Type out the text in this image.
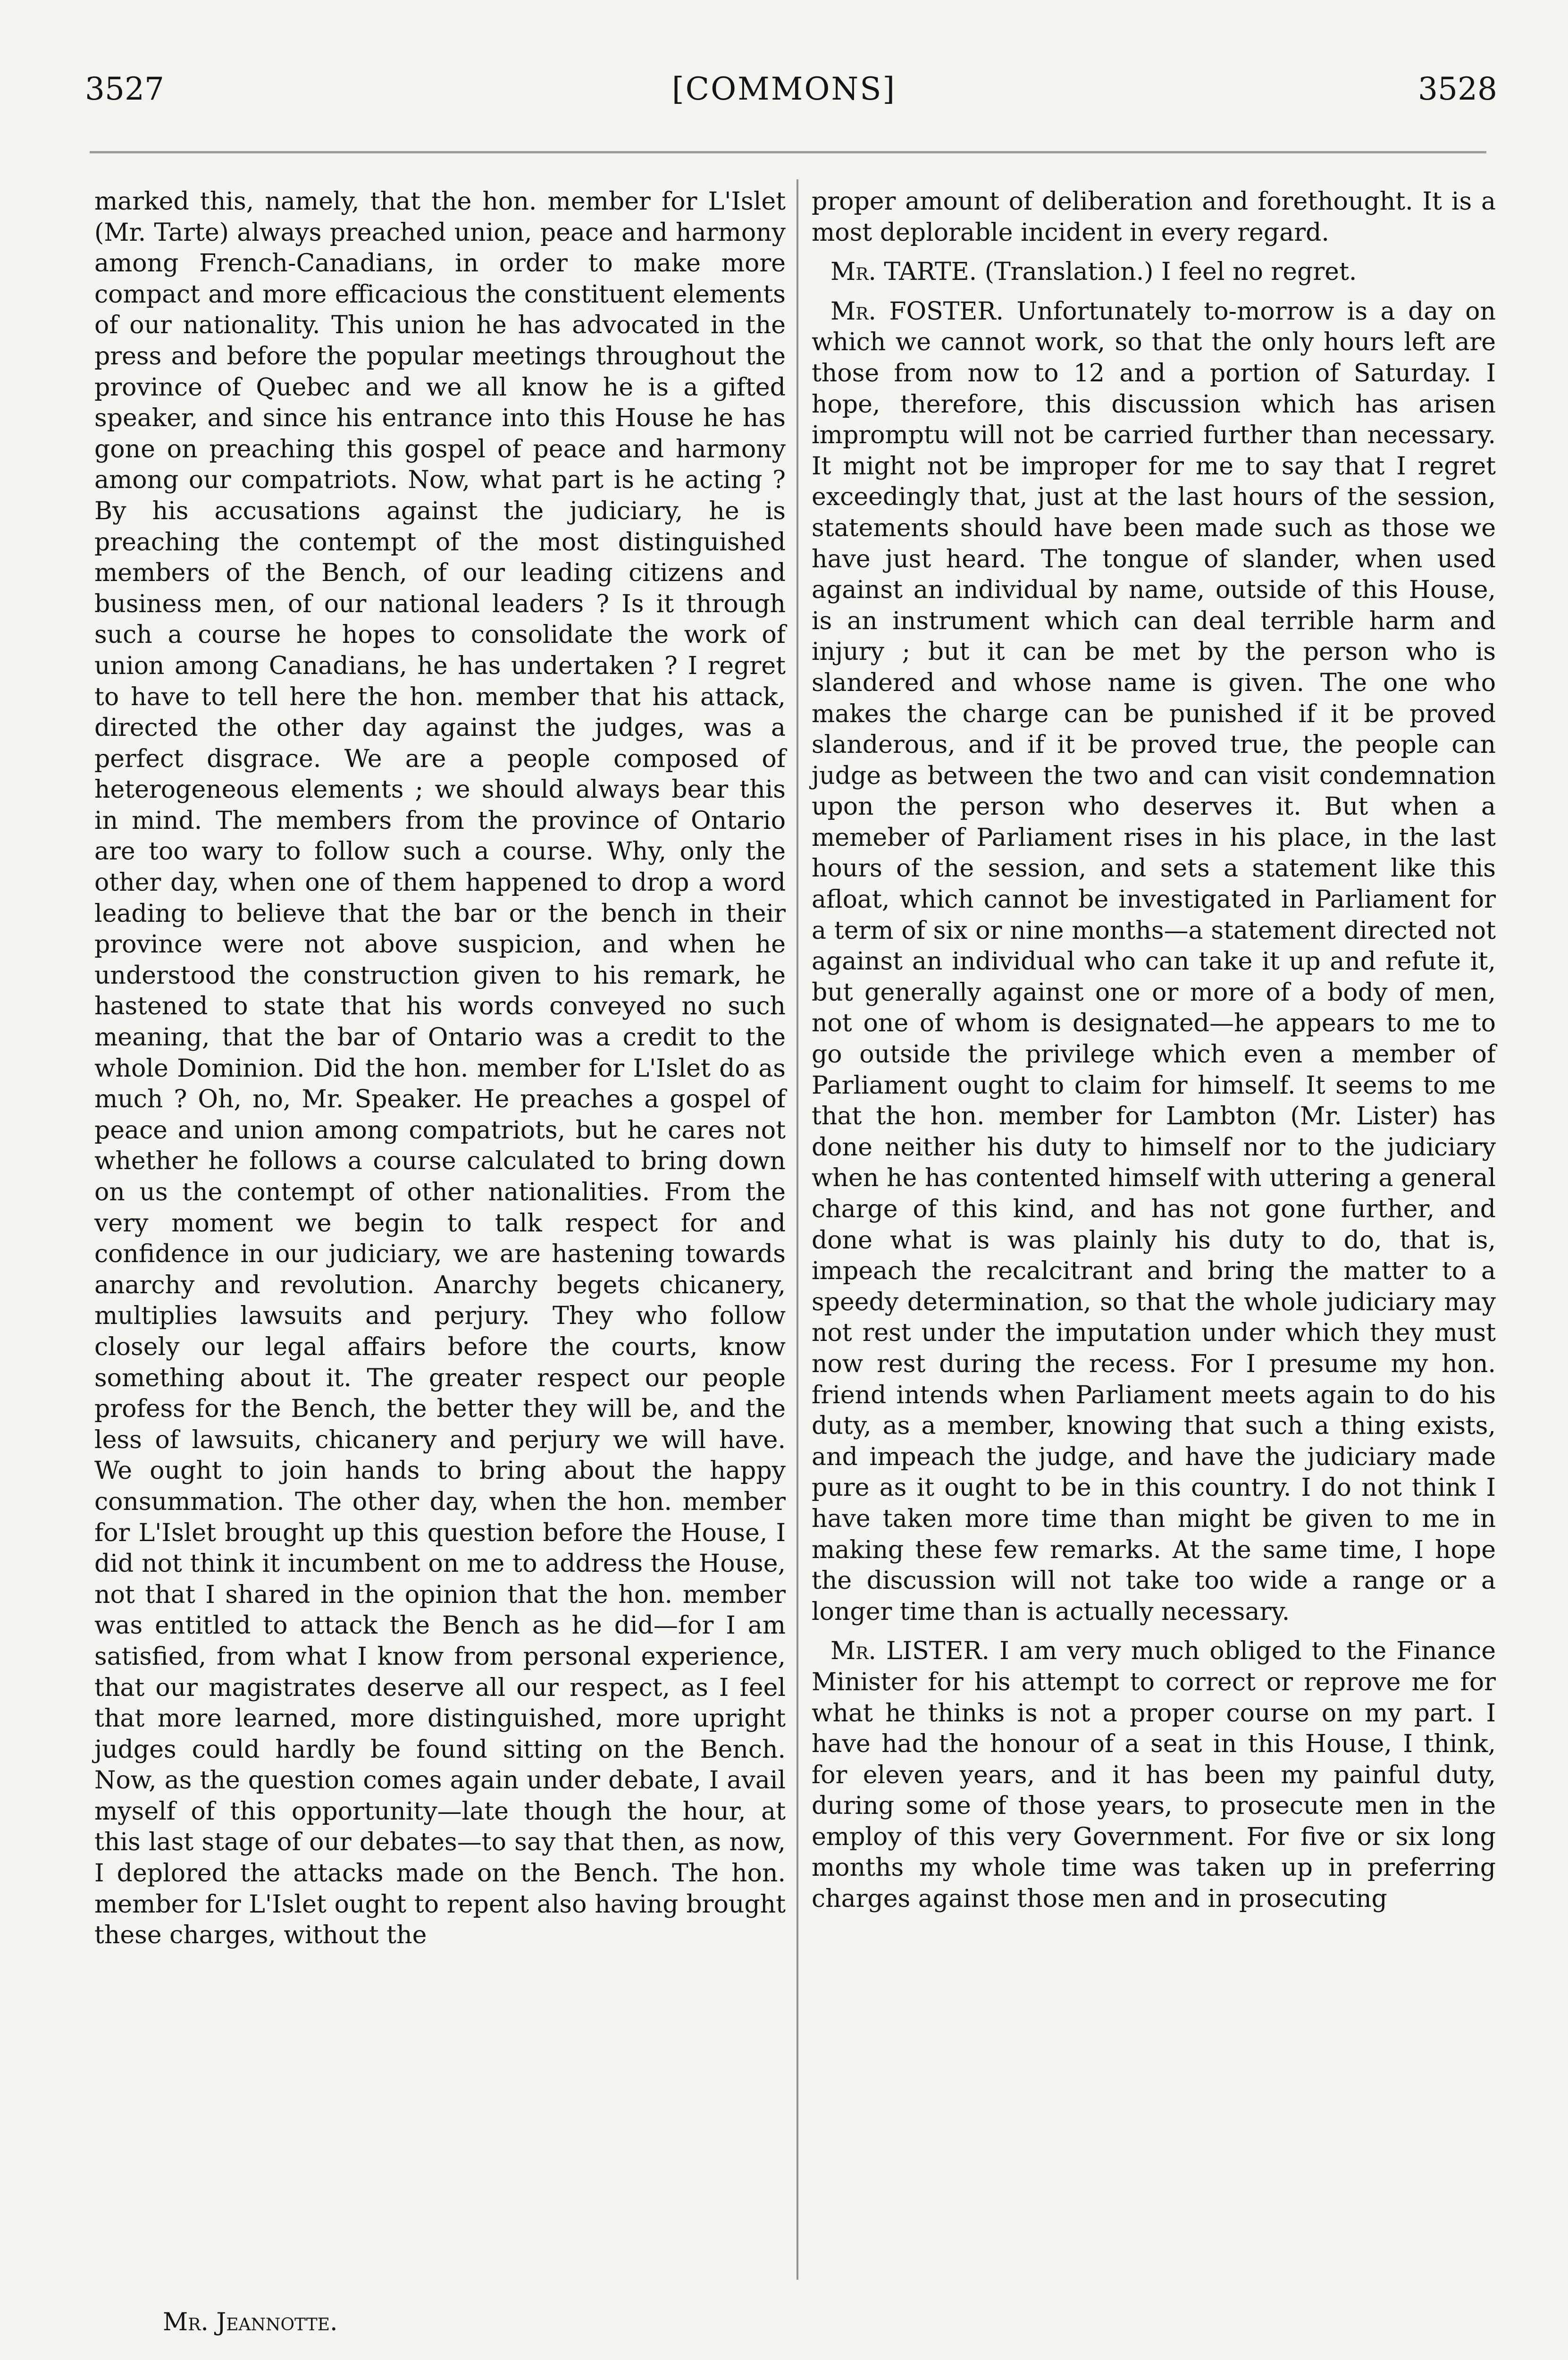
3527	[COMMONS]	3528

marked this, namely, that the hon. member for L'Islet (Mr. Tarte) always preached union, peace and harmony among French-Canadians, in order to make more compact and more efficacious the constituent elements of our nationality. This union he has advocated in the press and before the popular meetings throughout the province of Quebec and we all know he is a gifted speaker, and since his entrance into this House he has gone on preaching this gospel of peace and harmony among our compatriots. Now, what part is he acting ? By his accusations against the judiciary, he is preaching the contempt of the most distinguished members of the Bench, of our leading citizens and business men, of our national leaders ? Is it through such a course he hopes to consolidate the work of union among Canadians, he has undertaken ? I regret to have to tell here the hon. member that his attack, directed the other day against the judges, was a perfect disgrace. We are a people composed of heterogeneous elements ; we should always bear this in mind. The members from the province of Ontario are too wary to follow such a course. Why, only the other day, when one of them happened to drop a word leading to believe that the bar or the bench in their province were not above suspicion, and when he understood the construction given to his remark, he hastened to state that his words conveyed no such meaning, that the bar of Ontario was a credit to the whole Dominion. Did the hon. member for L'Islet do as much ? Oh, no, Mr. Speaker. He preaches a gospel of peace and union among compatriots, but he cares not whether he follows a course calculated to bring down on us the contempt of other nationalities. From the very moment we begin to talk respect for and confidence in our judiciary, we are hastening towards anarchy and revolution. Anarchy begets chicanery, multiplies lawsuits and perjury. They who follow closely our legal affairs before the courts, know something about it. The greater respect our people profess for the Bench, the better they will be, and the less of lawsuits, chicanery and perjury we will have. We ought to join hands to bring about the happy consummation. The other day, when the hon. member for L'Islet brought up this question before the House, I did not think it incumbent on me to address the House, not that I shared in the opinion that the hon. member was entitled to attack the Bench as he did—for I am satisfied, from what I know from personal experience, that our magistrates deserve all our respect, as I feel that more learned, more distinguished, more upright judges could hardly be found sitting on the Bench. Now, as the question comes again under debate, I avail myself of this opportunity—late though the hour, at this last stage of our debates—to say that then, as now, I deplored the attacks made on the Bench. The hon. member for L'Islet ought to repent also having brought these charges, without the

proper amount of deliberation and forethought. It is a most deplorable incident in every regard.

Mr. TARTE. (Translation.) I feel no regret.

Mr. FOSTER. Unfortunately to-morrow is a day on which we cannot work, so that the only hours left are those from now to 12 and a portion of Saturday. I hope, therefore, this discussion which has arisen impromptu will not be carried further than necessary. It might not be improper for me to say that I regret exceedingly that, just at the last hours of the session, statements should have been made such as those we have just heard. The tongue of slander, when used against an individual by name, outside of this House, is an instrument which can deal terrible harm and injury ; but it can be met by the person who is slandered and whose name is given. The one who makes the charge can be punished if it be proved slanderous, and if it be proved true, the people can judge as between the two and can visit condemnation upon the person who deserves it. But when a memeber of Parliament rises in his place, in the last hours of the session, and sets a statement like this afloat, which cannot be investigated in Parliament for a term of six or nine months—a statement directed not against an individual who can take it up and refute it, but generally against one or more of a body of men, not one of whom is designated—he appears to me to go outside the privilege which even a member of Parliament ought to claim for himself. It seems to me that the hon. member for Lambton (Mr. Lister) has done neither his duty to himself nor to the judiciary when he has contented himself with uttering a general charge of this kind, and has not gone further, and done what is was plainly his duty to do, that is, impeach the recalcitrant and bring the matter to a speedy determination, so that the whole judiciary may not rest under the imputation under which they must now rest during the recess. For I presume my hon. friend intends when Parliament meets again to do his duty, as a member, knowing that such a thing exists, and impeach the judge, and have the judiciary made pure as it ought to be in this country. I do not think I have taken more time than might be given to me in making these few remarks. At the same time, I hope the discussion will not take too wide a range or a longer time than is actually necessary.

Mr. LISTER. I am very much obliged to the Finance Minister for his attempt to correct or reprove me for what he thinks is not a proper course on my part. I have had the honour of a seat in this House, I think, for eleven years, and it has been my painful duty, during some of those years, to prosecute men in the employ of this very Government. For five or six long months my whole time was taken up in preferring charges against those men and in prosecuting

Mr. Jeannotte.
